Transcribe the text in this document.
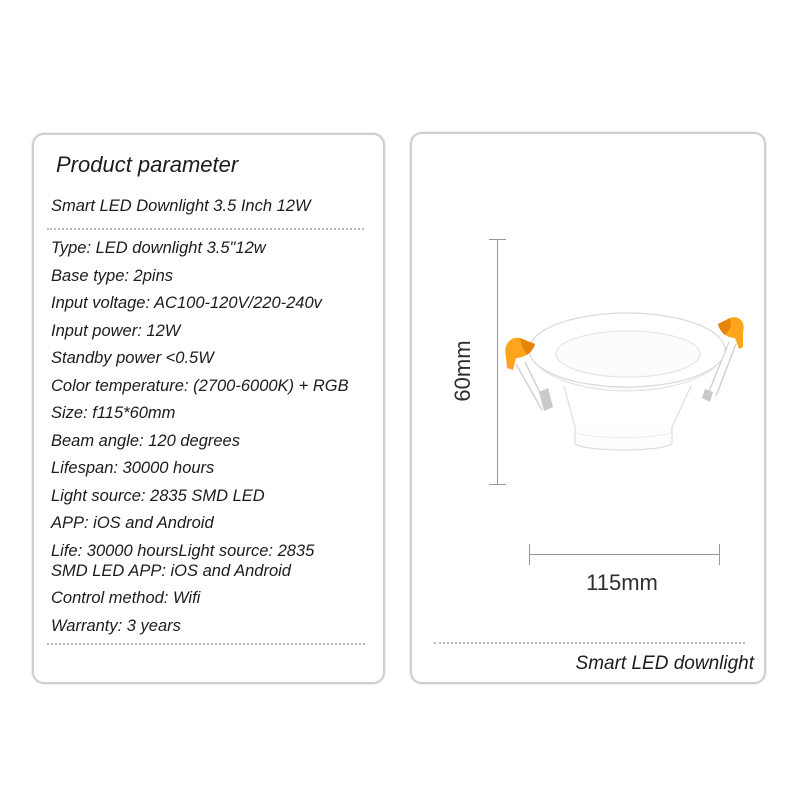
Product parameter
Smart LED Downlight 3.5 Inch 12W
Type: LED downlight 3.5"12w
Base type: 2pins
Input voltage: AC100-120V/220-240v
Input power: 12W
Standby power <0.5W
Color temperature: (2700-6000K) + RGB
Size: f115*60mm
Beam angle: 120 degrees
Lifespan: 30000 hours
Light source: 2835 SMD LED
APP: iOS and Android
Life: 30000 hoursLight source: 2835
SMD LED APP: iOS and Android
Control method: Wifi
Warranty: 3 years
60mm
115mm
Smart LED downlight
